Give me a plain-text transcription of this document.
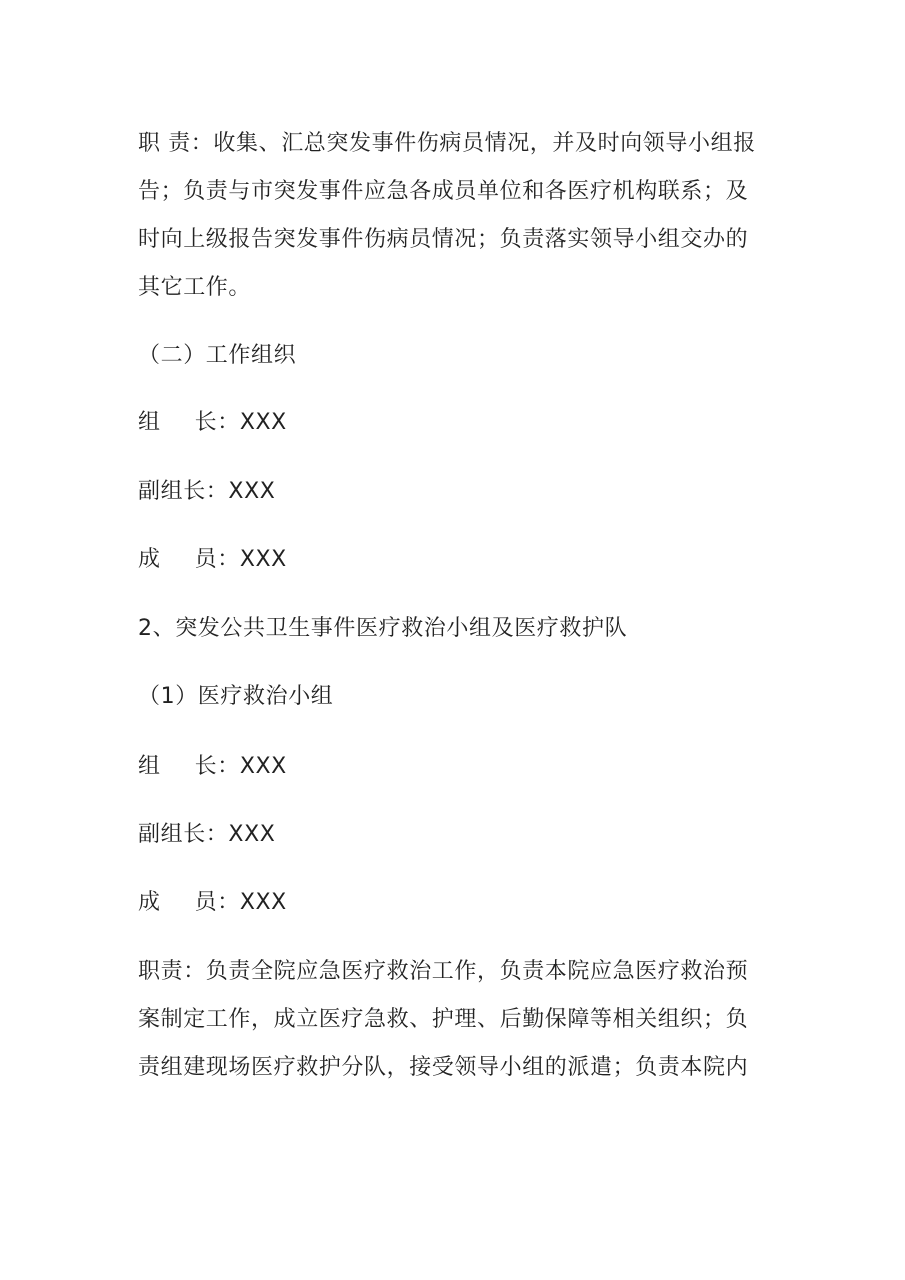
职 责：收集、汇总突发事件伤病员情况，并及时向领导小组报
告；负责与市突发事件应急各成员单位和各医疗机构联系；及
时向上级报告突发事件伤病员情况；负责落实领导小组交办的
其它工作。
（二）工作组织
组 长：XXX
副组长：XXX
成 员：XXX
2、突发公共卫生事件医疗救治小组及医疗救护队
（1）医疗救治小组
组 长：XXX
副组长：XXX
成 员：XXX
职责：负责全院应急医疗救治工作，负责本院应急医疗救治预
案制定工作，成立医疗急救、护理、后勤保障等相关组织；负
责组建现场医疗救护分队，接受领导小组的派遣；负责本院内
